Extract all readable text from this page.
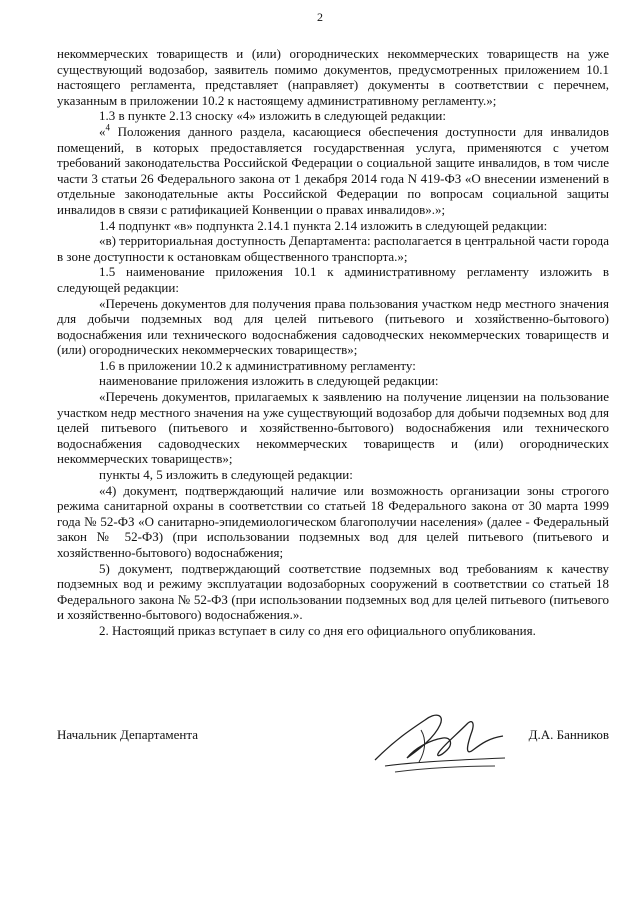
2

некоммерческих товариществ и (или) огороднических некоммерческих товариществ на уже существующий водозабор, заявитель помимо документов, предусмотренных приложением 10.1 настоящего регламента, представляет (направляет) документы в соответствии с перечнем, указанным в приложении 10.2 к настоящему административному регламенту.»;

1.3 в пункте 2.13 сноску «4» изложить в следующей редакции:

«$^4$ Положения данного раздела, касающиеся обеспечения доступности для инвалидов помещений, в которых предоставляется государственная услуга, применяются с учетом требований законодательства Российской Федерации о социальной защите инвалидов, в том числе части 3 статьи 26 Федерального закона от 1 декабря 2014 года N 419-ФЗ «О внесении изменений в отдельные законодательные акты Российской Федерации по вопросам социальной защиты инвалидов в связи с ратификацией Конвенции о правах инвалидов».»;

1.4 подпункт «в» подпункта 2.14.1 пункта 2.14 изложить в следующей редакции:

«в) территориальная доступность Департамента: располагается в центральной части города в зоне доступности к остановкам общественного транспорта.»;

1.5 наименование приложения 10.1 к административному регламенту изложить в следующей редакции:

«Перечень документов для получения права пользования участком недр местного значения для добычи подземных вод для целей питьевого (питьевого и хозяйственно-бытового) водоснабжения или технического водоснабжения садоводческих некоммерческих товариществ и (или) огороднических некоммерческих товариществ»;

1.6 в приложении 10.2 к административному регламенту:

наименование приложения изложить в следующей редакции:

«Перечень документов, прилагаемых к заявлению на получение лицензии на пользование участком недр местного значения на уже существующий водозабор для добычи подземных вод для целей питьевого (питьевого и хозяйственно-бытового) водоснабжения или технического водоснабжения садоводческих некоммерческих товариществ и (или) огороднических некоммерческих товариществ»;

пункты 4, 5 изложить в следующей редакции:

«4) документ, подтверждающий наличие или возможность организации зоны строгого режима санитарной охраны в соответствии со статьей 18 Федерального закона от 30 марта 1999 года № 52-ФЗ «О санитарно-эпидемиологическом благополучии населения» (далее - Федеральный закон № 52-ФЗ) (при использовании подземных вод для целей питьевого (питьевого и хозяйственно-бытового) водоснабжения;

5) документ, подтверждающий соответствие подземных вод требованиям к качеству подземных вод и режиму эксплуатации водозаборных сооружений в соответствии со статьей 18 Федерального закона № 52-ФЗ (при использовании подземных вод для целей питьевого (питьевого и хозяйственно-бытового) водоснабжения.».

2. Настоящий приказ вступает в силу со дня его официального опубликования.

Начальник Департамента	Д.А. Банников
